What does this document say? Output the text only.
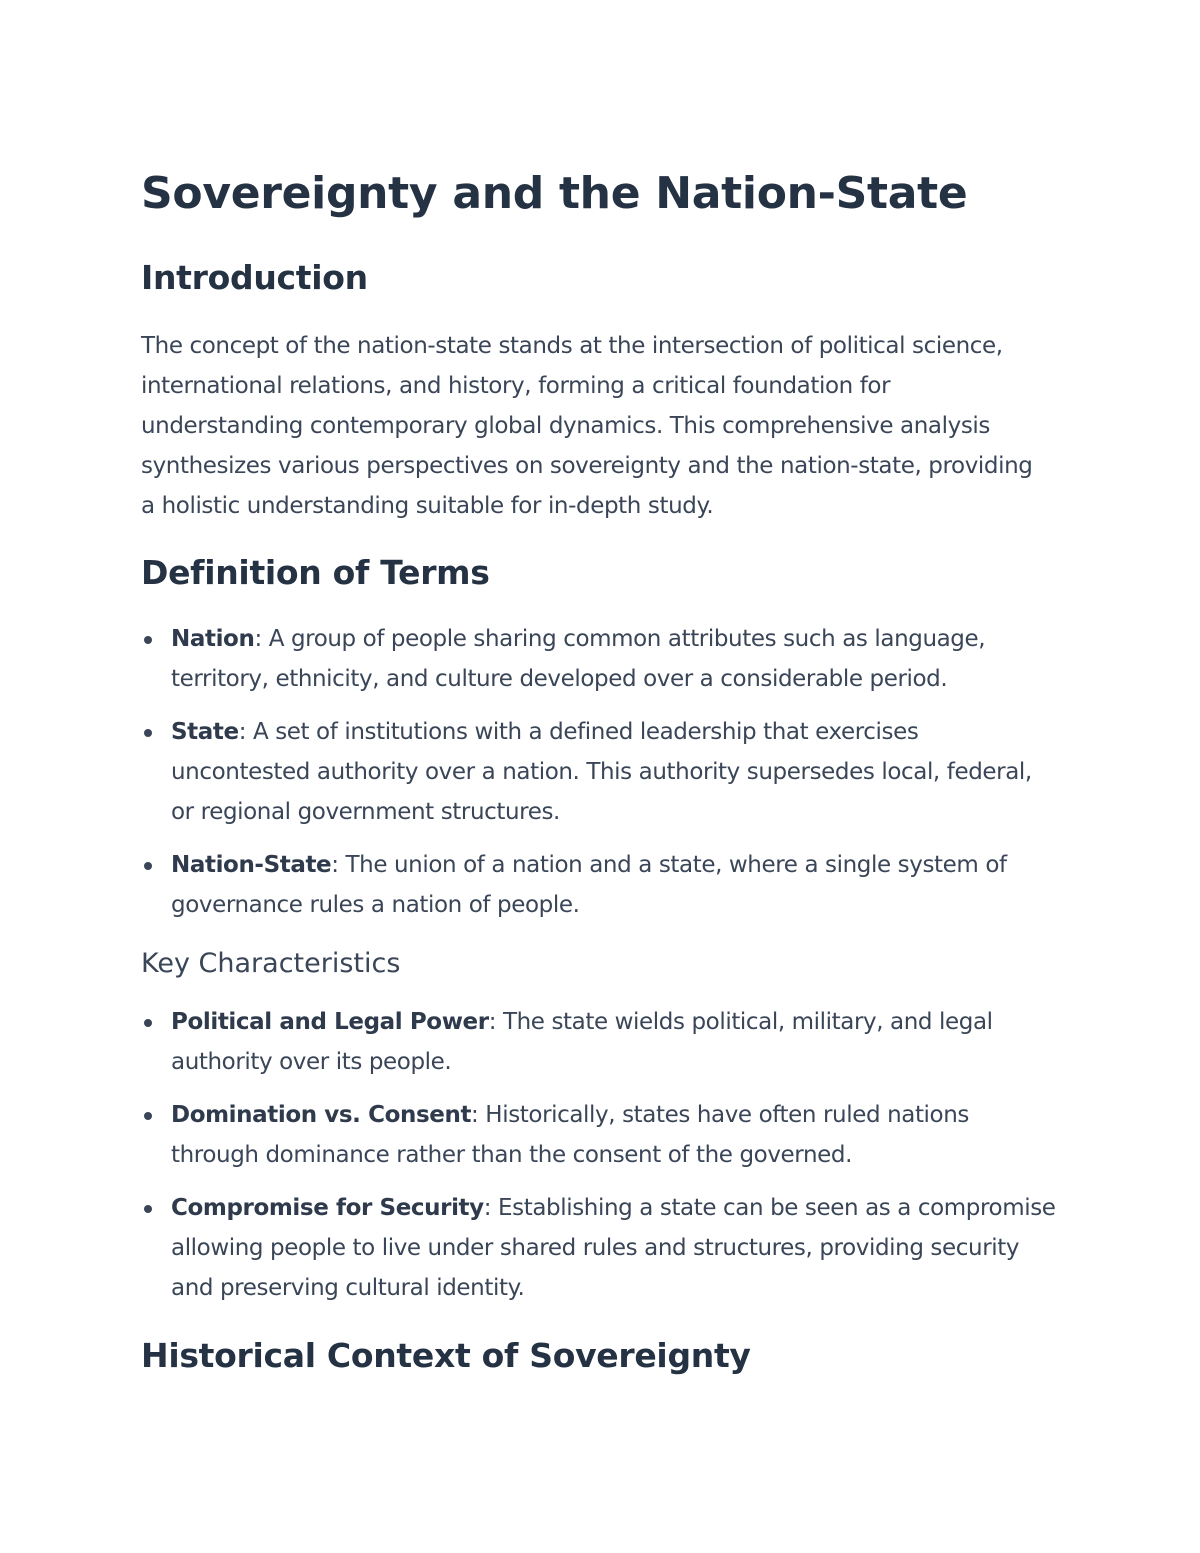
Sovereignty and the Nation-State
Introduction

The concept of the nation-state stands at the intersection of political science, international relations, and history, forming a critical foundation for understanding contemporary global dynamics. This comprehensive analysis synthesizes various perspectives on sovereignty and the nation-state, providing a holistic understanding suitable for in-depth study.

Definition of Terms
Nation: A group of people sharing common attributes such as language, territory, ethnicity, and culture developed over a considerable period.
State: A set of institutions with a defined leadership that exercises uncontested authority over a nation. This authority supersedes local, federal, or regional government structures.
Nation-State: The union of a nation and a state, where a single system of governance rules a nation of people.
Key Characteristics
Political and Legal Power: The state wields political, military, and legal authority over its people.
Domination vs. Consent: Historically, states have often ruled nations through dominance rather than the consent of the governed.
Compromise for Security: Establishing a state can be seen as a compromise allowing people to live under shared rules and structures, providing security and preserving cultural identity.
Historical Context of Sovereignty
